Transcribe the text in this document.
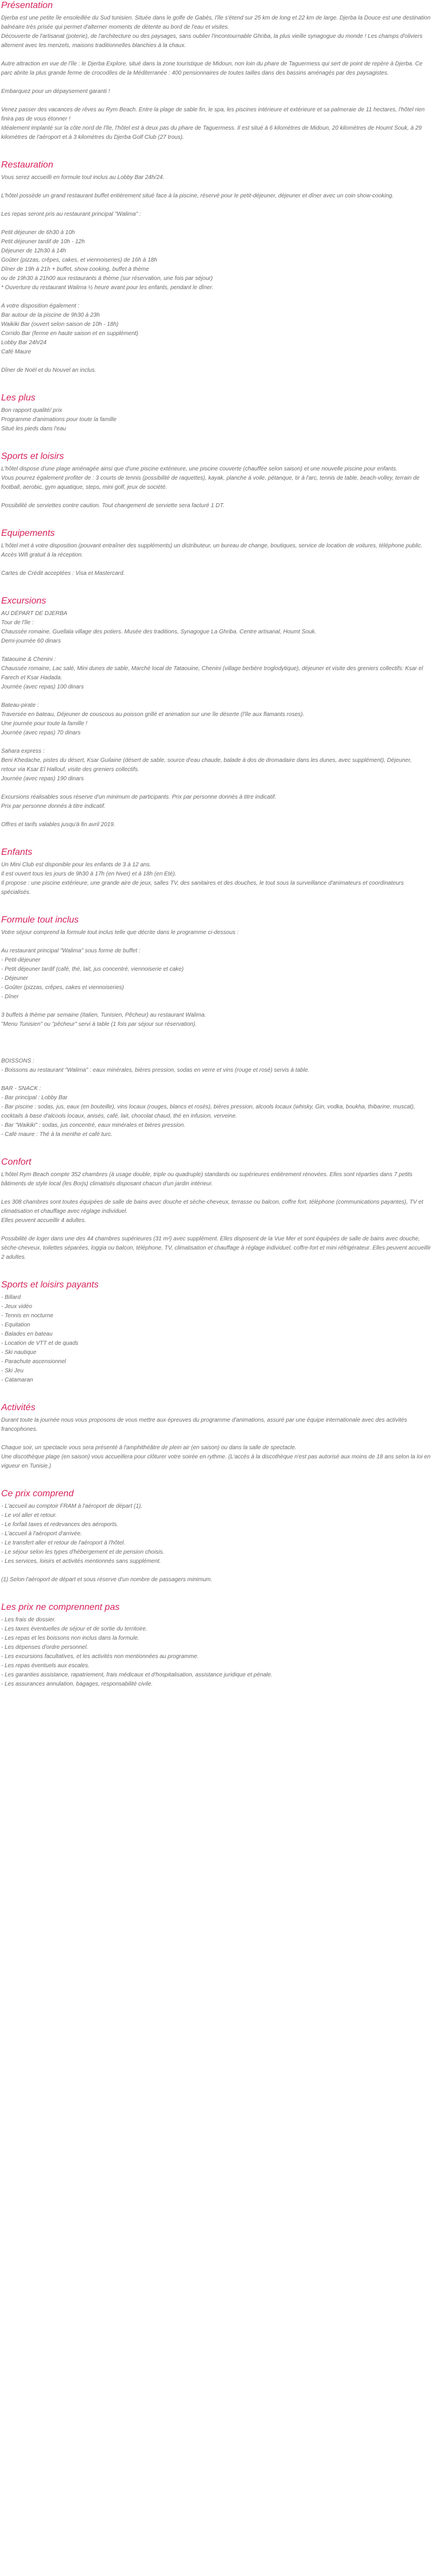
Présentation
Djerba est une petite île ensoleillée du Sud tunisien. Située dans le golfe de Gabès, l'île s'étend sur 25 km de long et 22 km de large. Djerba la Douce est une destination balnéaire très prisée qui permet d'alterner moments de détente au bord de l'eau et visites.
Découverte de l'artisanat (poterie), de l'architecture ou des paysages, sans oublier l'incontournable Ghriba, la plus vieille synagogue du monde ! Les champs d'oliviers alternent avec les menzels, maisons traditionnelles blanchies à la chaux.
Autre attraction en vue de l'île : le Djerba Explore, situé dans la zone touristique de Midoun, non loin du phare de Taguermess qui sert de point de repère à Djerba. Ce parc abrite la plus grande ferme de crocodiles de la Méditerranée : 400 pensionnaires de toutes tailles dans des bassins aménagés par des paysagistes.
Embarquez pour un dépaysement garanti !
Venez passer des vacances de rêves au Rym Beach. Entre la plage de sable fin, le spa, les piscines intérieure et extérieure et sa palmeraie de 11 hectares, l'hôtel rien finira pas de vous étonner !
Idéalement implanté sur la côte nord de l'île, l'hôtel est à deux pas du phare de Taguermess. Il est situé à 6 kilomètres de Midoun, 20 kilomètres de Houmt Souk, à 29 kilomètres de l'aéroport et à 3 kilomètres du Djerba Golf Club (27 trous).
Restauration
Vous serez accueilli en formule tout inclus au Lobby Bar 24h/24.
L'hôtel possède un grand restaurant buffet entièrement situé face à la piscine, réservé pour le petit-déjeuner, déjeuner et dîner avec un coin show-cooking.
Les repas seront pris au restaurant principal "Walima" :
Petit déjeuner de 6h30 à 10h
Petit déjeuner tardif de 10h - 12h
Déjeuner de 12h30 à 14h
Goûter (pizzas, crêpes, cakes, et viennoiseries) de 16h à 18h
Dîner de 19h à 21h + buffet, show cooking, buffet à thème
ou de 19h30 à 21h00 aux restaurants à thème (sur réservation, une fois par séjour)
* Ouverture du restaurant Walima ½ heure avant pour les enfants, pendant le dîner.
A votre disposition également :
Bar autour de la piscine de 9h30 à 23h
Waikiki Bar (ouvert selon saison de 10h - 18h)
Corrido Bar (ferme en haute saison et en supplément)
Lobby Bar 24h/24
Café Maure
Dîner de Noël et du Nouvel an inclus.
Les plus
Bon rapport qualité/ prix
Programme d'animations pour toute la famille
Situé les pieds dans l'eau
Sports et loisirs
L'hôtel dispose d'une plage aménagée ainsi que d'une piscine extérieure, une piscine couverte (chauffée selon saison) et une nouvelle piscine pour enfants.
Vous pourrez également profiter de : 3 courts de tennis (possibilité de raquettes), kayak, planche à voile, pétanque, tir à l'arc, tennis de table, beach-volley, terrain de football, aerobic, gym aquatique, steps, mini golf, jeux de société.
Possibilité de serviettes contre caution. Tout changement de serviette sera facturé 1 DT.
Equipements
L'hôtel met à votre disposition (pouvant entraîner des suppléments) un distributeur, un bureau de change, boutiques, service de location de voitures, téléphone public.
Accès Wifi gratuit à la réception.
Cartes de Crédit acceptées : Visa et Mastercard.
Excursions
AU DÉPART DE DJERBA
Tour de l'île :
Chaussée romaine, Guellala village des potiers. Musée des traditions, Synagogue La Ghriba. Centre artisanal, Houmt Souk.
Demi-journée 60 dinars
Tataouine & Chenini :
Chaussée romaine, Lac salé, Mini dunes de sable, Marché local de Tataouine, Chenini (village berbère troglodytique), déjeuner et visite des greniers collectifs: Ksar el Farech et Ksar Hadada.
Journée (avec repas) 100 dinars
Bateau-pirate :
Traversée en bateau, Déjeuner de couscous au poisson grillé et animation sur une île déserte (l'île aux flamants roses).
Une journée pour toute la famille !
Journée (avec repas) 70 dinars
Sahara express :
Beni Khedache, pistes du désert, Ksar Guilaine (désert de sable, source d'eau chaude, balade à dos de dromadaire dans les dunes, avec supplément), Déjeuner,
retour via Ksar El Hallouf, visite des greniers collectifs.
Journée (avec repas) 190 dinars
Excursions réalisables sous réserve d'un minimum de participants. Prix par personne donnés à titre indicatif.
Prix par personne donnés à titre indicatif.
Offres et tarifs valables jusqu'à fin avril 2019.
Enfants
Un Mini Club est disponible pour les enfants de 3 à 12 ans.
Il est ouvert tous les jours de 9h30 à 17h (en hiver) et à 18h (en Eté).
Il propose : une piscine extérieure, une grande aire de jeux, salles TV, des sanitaires et des douches, le tout sous la surveillance d'animateurs et coordinateurs spécialisés.
Formule tout inclus
Votre séjour comprend la formule tout inclus telle que décrite dans le programme ci-dessous :
Au restaurant principal "Walima" sous forme de buffet :
- Petit-déjeuner
- Petit déjeuner tardif (café, thé, lait, jus concentré, viennoiserie et cake)
- Déjeuner
- Goûter (pizzas, crêpes, cakes et viennoiseries)
- Dîner
3 buffets à thème par semaine (Italien, Tunisien, Pêcheur) au restaurant Walima.
"Menu Tunisien" ou "pêcheur" servi à table (1 fois par séjour sur réservation).
BOISSONS :
- Boissons au restaurant "Walima" : eaux minérales, bières pression, sodas en verre et vins (rouge et rosé) servis à table.
BAR - SNACK :
- Bar principal : Lobby Bar
- Bar piscine : sodas, jus, eaux (en bouteille), vins locaux (rouges, blancs et rosés), bières pression, alcools locaux (whisky, Gin, vodka, boukha, thibarine, muscat), cocktails à base d'alcools locaux, anisés, café, lait, chocolat chaud, thé en infusion, verveine.
- Bar "Waikiki" : sodas, jus concentré, eaux minérales et bières pression.
- Café maure : Thé à la menthe et café turc.
Confort
L'hôtel Rym Beach compte 352 chambres (à usage double, triple ou quadruple) standards ou supérieures entièrement rénovées. Elles sont réparties dans 7 petits bâtiments de style local (les Borjs) climatisés disposant chacun d'un jardin intérieur.
Les 308 chambres sont toutes équipées de salle de bains avec douche et sèche-cheveux, terrasse ou balcon, coffre fort, téléphone (communications payantes), TV et climatisation et chauffage avec réglage individuel.
Elles peuvent accueillir 4 adultes.
Possibilité de loger dans une des 44 chambres supérieures (31 m²) avec supplément. Elles disposent de la Vue Mer et sont équipées de salle de bains avec douche, sèche-cheveux, toilettes séparées, loggia ou balcon, téléphone, TV, climatisation et chauffage à réglage individuel, coffre-fort et mini réfrigérateur. Elles peuvent accueillir 2 adultes.
Sports et loisirs payants
- Billard
- Jeux vidéo
- Tennis en nocturne
- Equitation
- Balades en bateau
- Location de VTT et de quads
- Ski nautique
- Parachute ascensionnel
- Ski Jeu
- Catamaran
Activités
Durant toute la journée nous vous proposons de vous mettre aux épreuves du programme d'animations, assuré par une équipe internationale avec des activités francophones.
Chaque soir, un spectacle vous sera présenté à l'amphithéâtre de plein air (en saison) ou dans la salle de spectacle.
Une discothèque plage (en saison) vous accueillera pour clôturer votre soirée en rythme. (L'accès à la discothèque n'est pas autorisé aux moins de 18 ans selon la loi en vigueur en Tunisie.)
Ce prix comprend
- L'accueil au comptoir FRAM à l'aéroport de départ (1).
- Le vol aller et retour.
- Le forfait taxes et redevances des aéroports.
- L'accueil à l'aéroport d'arrivée.
- Le transfert aller et retour de l'aéroport à l'hôtel.
- Le séjour selon les types d'hébergement et de pension choisis.
- Les services, loisirs et activités mentionnés sans supplément.
(1) Selon l'aéroport de départ et sous réserve d'un nombre de passagers minimum.
Les prix ne comprennent pas
- Les frais de dossier.
- Les taxes éventuelles de séjour et de sortie du territoire.
- Les repas et les boissons non inclus dans la formule.
- Les dépenses d'ordre personnel.
- Les excursions facultatives, et les activités non mentionnées au programme.
- Les repas éventuels aux escales.
- Les garanties assistance, rapatriement, frais médicaux et d'hospitalisation, assistance juridique et pénale.
- Les assurances annulation, bagages, responsabilité civile.
